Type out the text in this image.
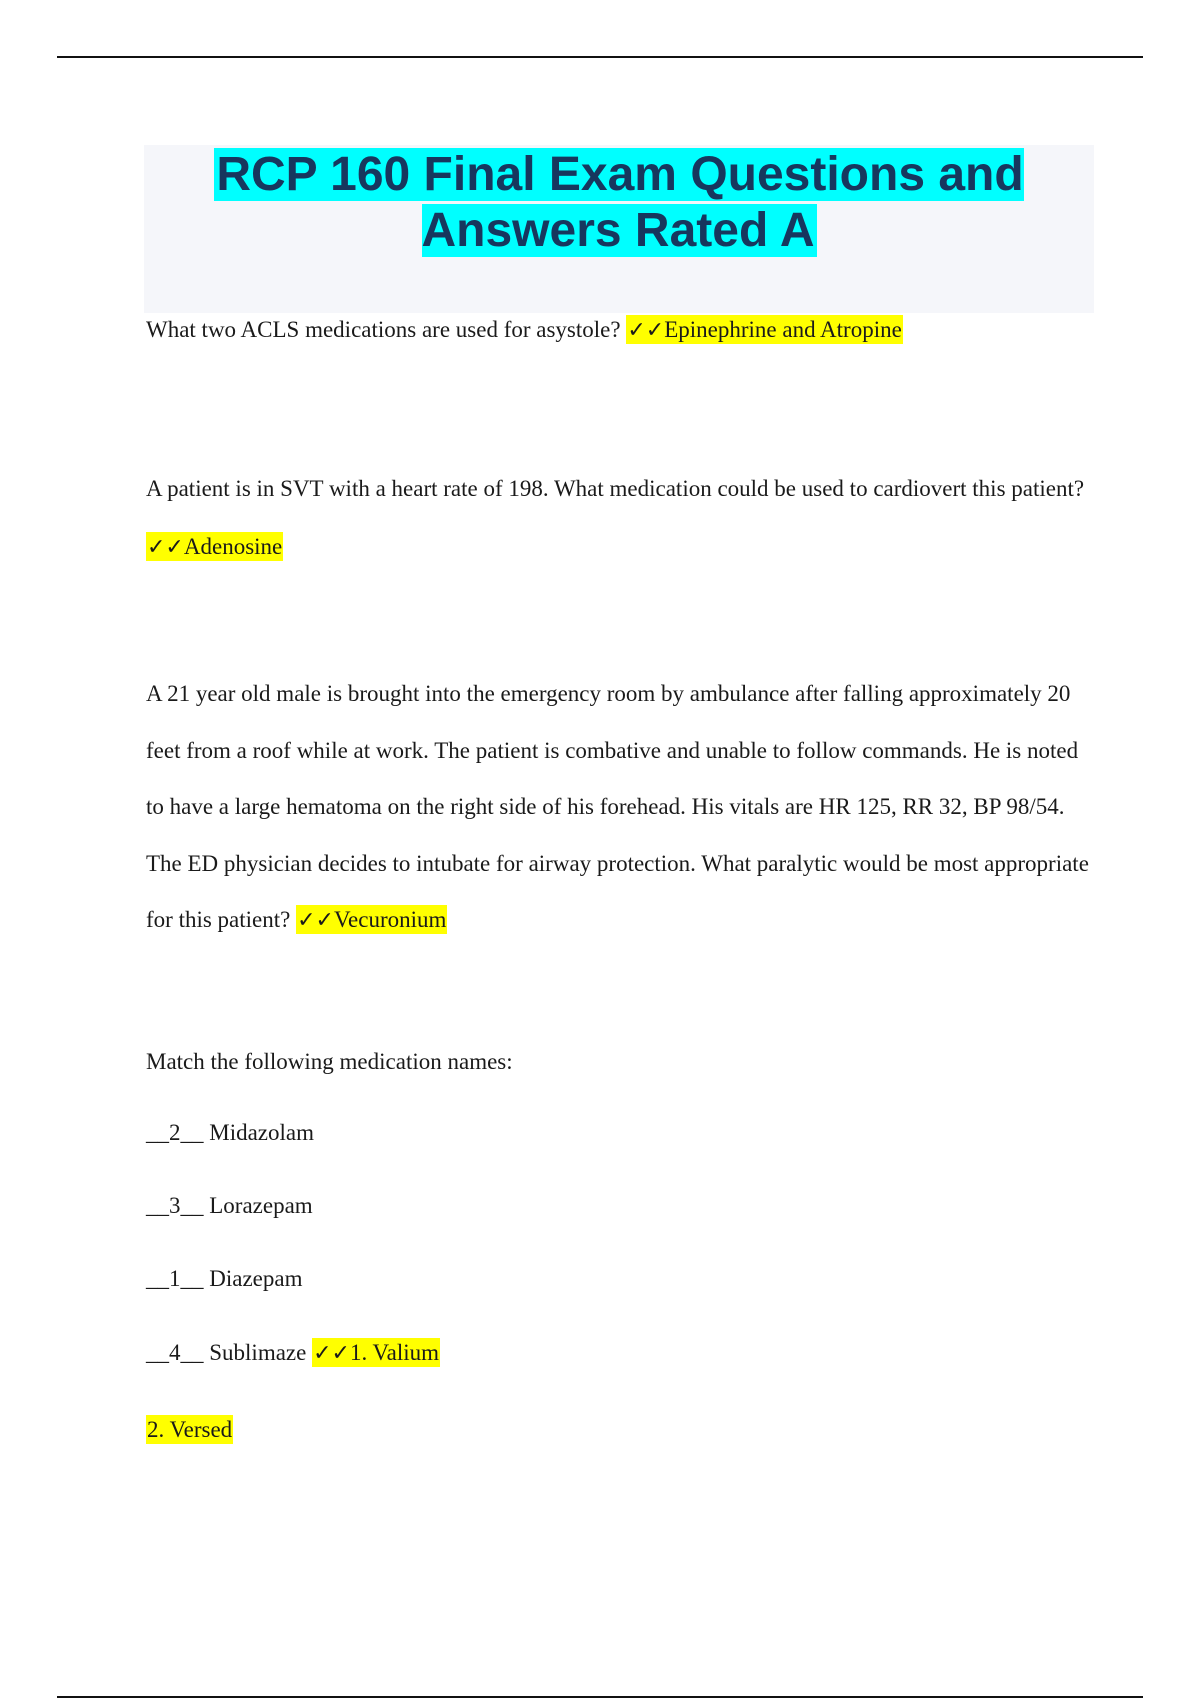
RCP 160 Final Exam Questions and Answers Rated A

What two ACLS medications are used for asystole? ✓✓Epinephrine and Atropine

A patient is in SVT with a heart rate of 198. What medication could be used to cardiovert this patient? ✓✓Adenosine

A 21 year old male is brought into the emergency room by ambulance after falling approximately 20 feet from a roof while at work. The patient is combative and unable to follow commands. He is noted to have a large hematoma on the right side of his forehead. His vitals are HR 125, RR 32, BP 98/54. The ED physician decides to intubate for airway protection. What paralytic would be most appropriate for this patient? ✓✓Vecuronium

Match the following medication names:

__2__ Midazolam

__3__ Lorazepam

__1__ Diazepam

__4__ Sublimaze ✓✓1. Valium

2. Versed
